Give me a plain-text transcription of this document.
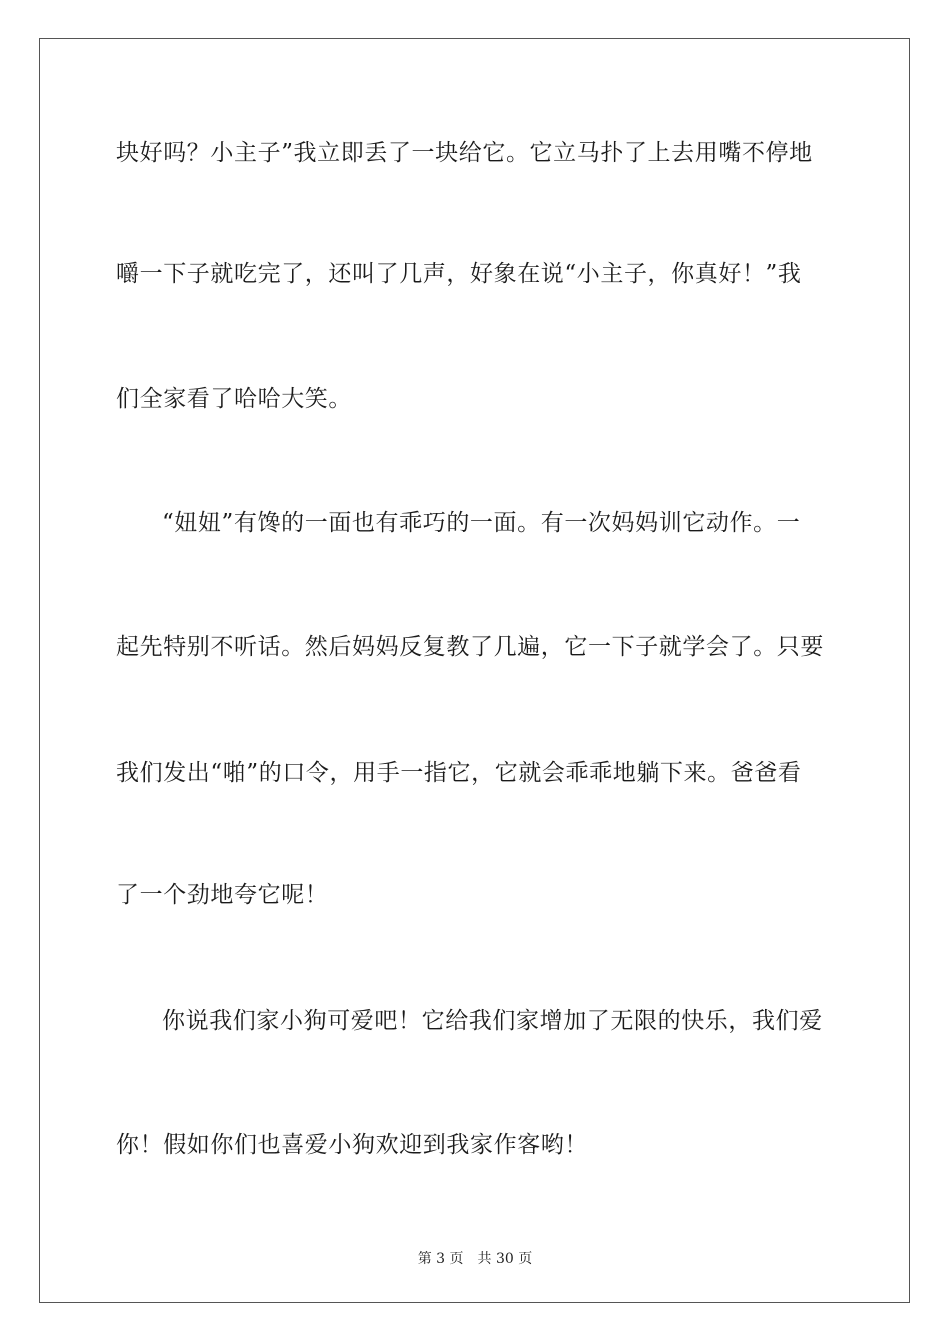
块好吗？小主子”我立即丢了一块给它。它立马扑了上去用嘴不停地
嚼一下子就吃完了，还叫了几声，好象在说“小主子，你真好！”我
们全家看了哈哈大笑。
“妞妞”有馋的一面也有乖巧的一面。有一次妈妈训它动作。一
起先特别不听话。然后妈妈反复教了几遍，它一下子就学会了。只要
我们发出“啪”的口令，用手一指它，它就会乖乖地躺下来。爸爸看
了一个劲地夸它呢！
你说我们家小狗可爱吧！它给我们家增加了无限的快乐，我们爱
你！假如你们也喜爱小狗欢迎到我家作客哟！
第 3 页 共 30 页
